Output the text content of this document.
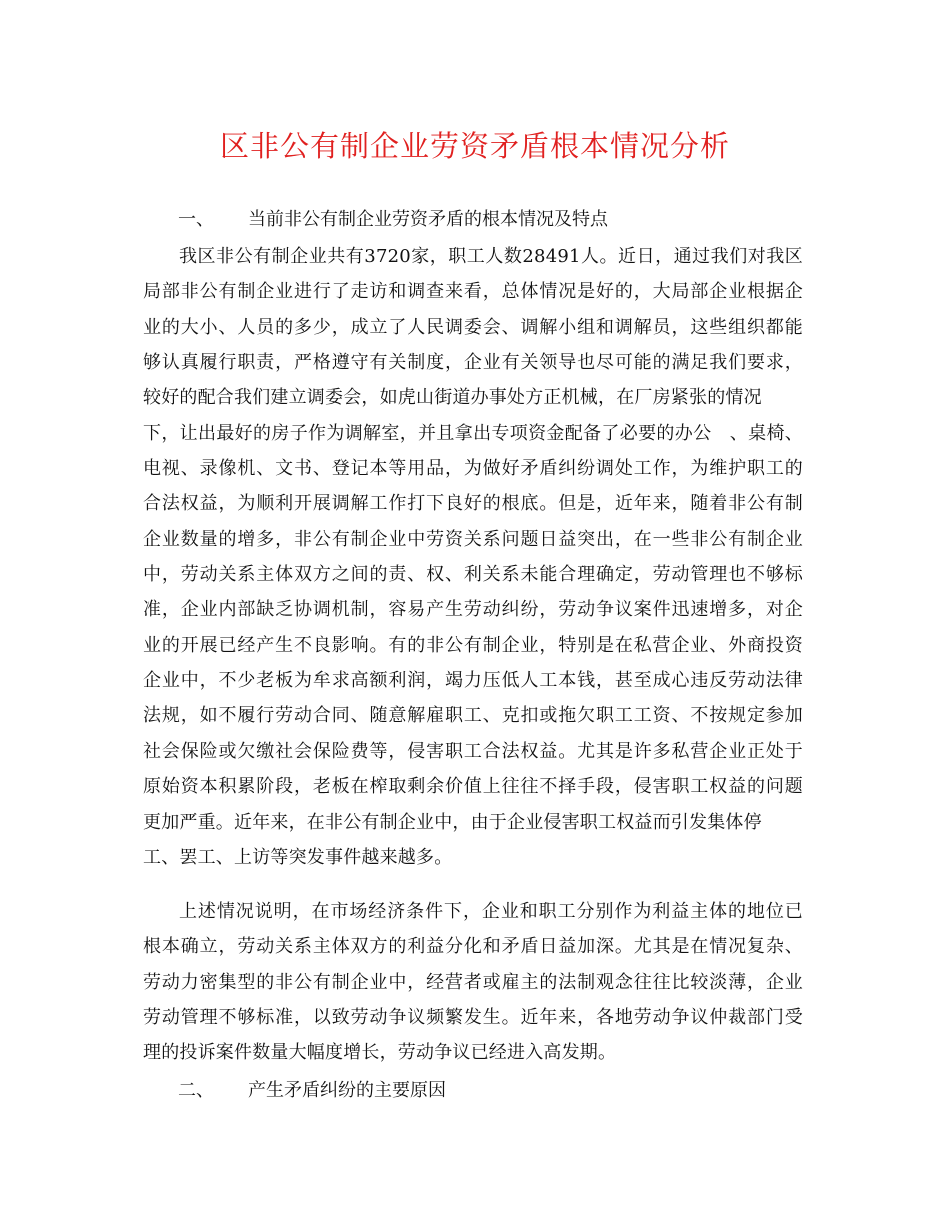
区非公有制企业劳资矛盾根本情况分析
一、 当前非公有制企业劳资矛盾的根本情况及特点
我区非公有制企业共有3720家，职工人数28491人。近日，通过我们对我区
局部非公有制企业进行了走访和调查来看，总体情况是好的，大局部企业根据企
业的大小、人员的多少，成立了人民调委会、调解小组和调解员，这些组织都能
够认真履行职责，严格遵守有关制度，企业有关领导也尽可能的满足我们要求，
较好的配合我们建立调委会，如虎山街道办事处方正机械，在厂房紧张的情况
下，让出最好的房子作为调解室，并且拿出专项资金配备了必要的办公　、桌椅、
电视、录像机、文书、登记本等用品，为做好矛盾纠纷调处工作，为维护职工的
合法权益，为顺利开展调解工作打下良好的根底。但是，近年来，随着非公有制
企业数量的增多，非公有制企业中劳资关系问题日益突出，在一些非公有制企业
中，劳动关系主体双方之间的责、权、利关系未能合理确定，劳动管理也不够标
准，企业内部缺乏协调机制，容易产生劳动纠纷，劳动争议案件迅速增多，对企
业的开展已经产生不良影响。有的非公有制企业，特别是在私营企业、外商投资
企业中，不少老板为牟求高额利润，竭力压低人工本钱，甚至成心违反劳动法律
法规，如不履行劳动合同、随意解雇职工、克扣或拖欠职工工资、不按规定参加
社会保险或欠缴社会保险费等，侵害职工合法权益。尤其是许多私营企业正处于
原始资本积累阶段，老板在榨取剩余价值上往往不择手段，侵害职工权益的问题
更加严重。近年来，在非公有制企业中，由于企业侵害职工权益而引发集体停
工、罢工、上访等突发事件越来越多。
上述情况说明，在市场经济条件下，企业和职工分别作为利益主体的地位已
根本确立，劳动关系主体双方的利益分化和矛盾日益加深。尤其是在情况复杂、
劳动力密集型的非公有制企业中，经营者或雇主的法制观念往往比较淡薄，企业
劳动管理不够标准，以致劳动争议频繁发生。近年来，各地劳动争议仲裁部门受
理的投诉案件数量大幅度增长，劳动争议已经进入高发期。
二、 产生矛盾纠纷的主要原因
